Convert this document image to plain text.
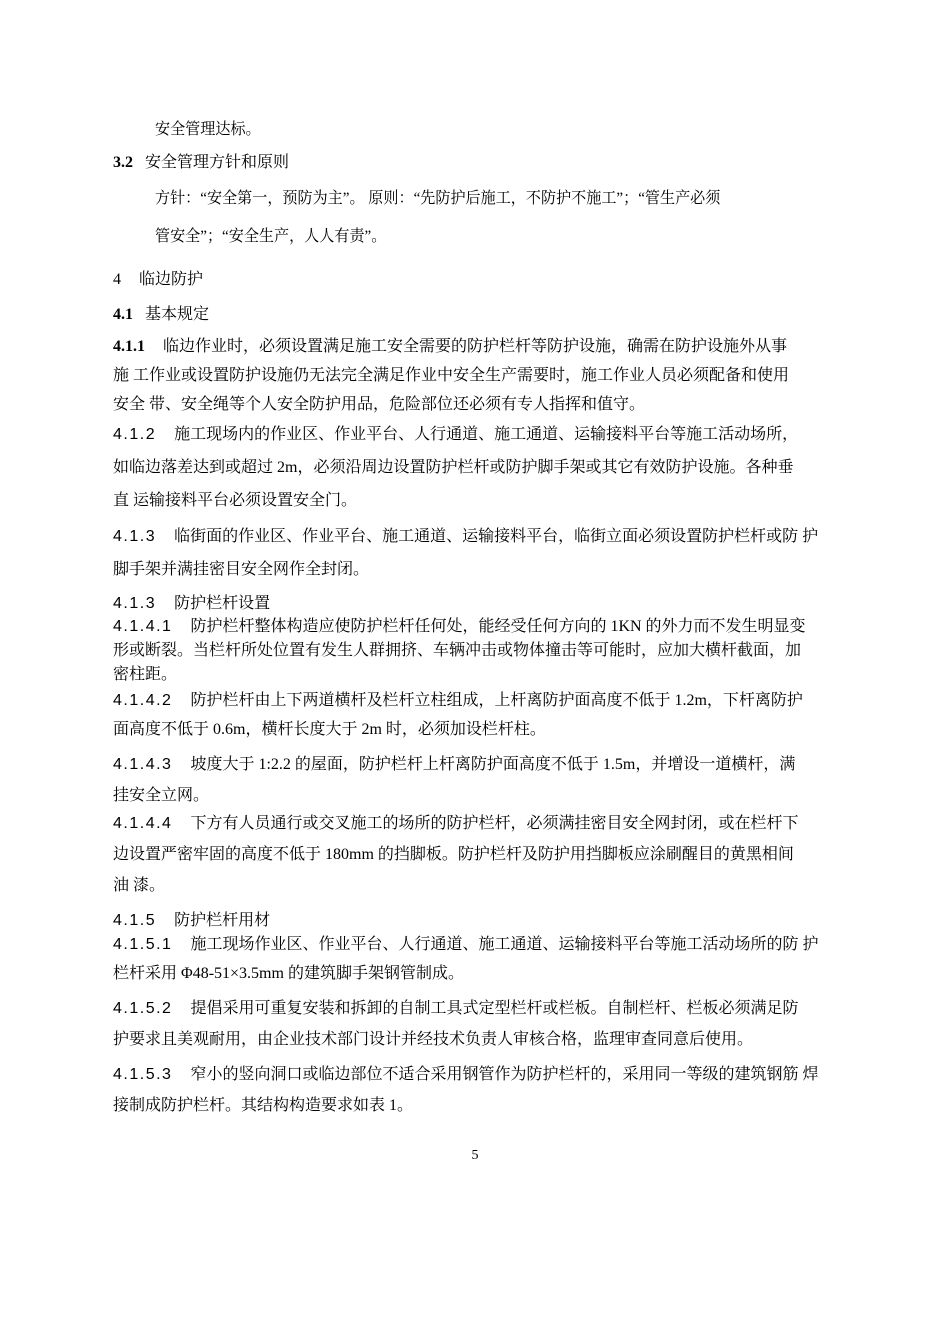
安全管理达标。
3.2 安全管理方针和原则
方针：“安全第一，预防为主”。 原则：“先防护后施工，不防护不施工”；“管生产必须
管安全”；“安全生产，人人有责”。
4 临边防护
4.1 基本规定
4.1.1 临边作业时，必须设置满足施工安全需要的防护栏杆等防护设施，确需在防护设施外从事
施 工作业或设置防护设施仍无法完全满足作业中安全生产需要时，施工作业人员必须配备和使用
安全 带、安全绳等个人安全防护用品，危险部位还必须有专人指挥和值守。
4.1.2 施工现场内的作业区、作业平台、人行通道、施工通道、运输接料平台等施工活动场所，
如临边落差达到或超过 2m，必须沿周边设置防护栏杆或防护脚手架或其它有效防护设施。各种垂
直 运输接料平台必须设置安全门。
4.1.3 临街面的作业区、作业平台、施工通道、运输接料平台，临街立面必须设置防护栏杆或防 护
脚手架并满挂密目安全网作全封闭。
4.1.3 防护栏杆设置
4.1.4.1 防护栏杆整体构造应使防护栏杆任何处，能经受任何方向的 1KN 的外力而不发生明显变
形或断裂。当栏杆所处位置有发生人群拥挤、车辆冲击或物体撞击等可能时，应加大横杆截面，加
密柱距。
4.1.4.2 防护栏杆由上下两道横杆及栏杆立柱组成，上杆离防护面高度不低于 1.2m，下杆离防护
面高度不低于 0.6m，横杆长度大于 2m 时，必须加设栏杆柱。
4.1.4.3 坡度大于 1:2.2 的屋面，防护栏杆上杆离防护面高度不低于 1.5m，并增设一道横杆，满
挂安全立网。
4.1.4.4 下方有人员通行或交叉施工的场所的防护栏杆，必须满挂密目安全网封闭，或在栏杆下
边设置严密牢固的高度不低于 180mm 的挡脚板。防护栏杆及防护用挡脚板应涂刷醒目的黄黑相间
油 漆。
4.1.5 防护栏杆用材
4.1.5.1 施工现场作业区、作业平台、人行通道、施工通道、运输接料平台等施工活动场所的防 护
栏杆采用 Φ48-51×3.5mm 的建筑脚手架钢管制成。
4.1.5.2 提倡采用可重复安装和拆卸的自制工具式定型栏杆或栏板。自制栏杆、栏板必须满足防
护要求且美观耐用，由企业技术部门设计并经技术负责人审核合格，监理审查同意后使用。
4.1.5.3 窄小的竖向洞口或临边部位不适合采用钢管作为防护栏杆的，采用同一等级的建筑钢筋 焊
接制成防护栏杆。其结构构造要求如表 1。
5
